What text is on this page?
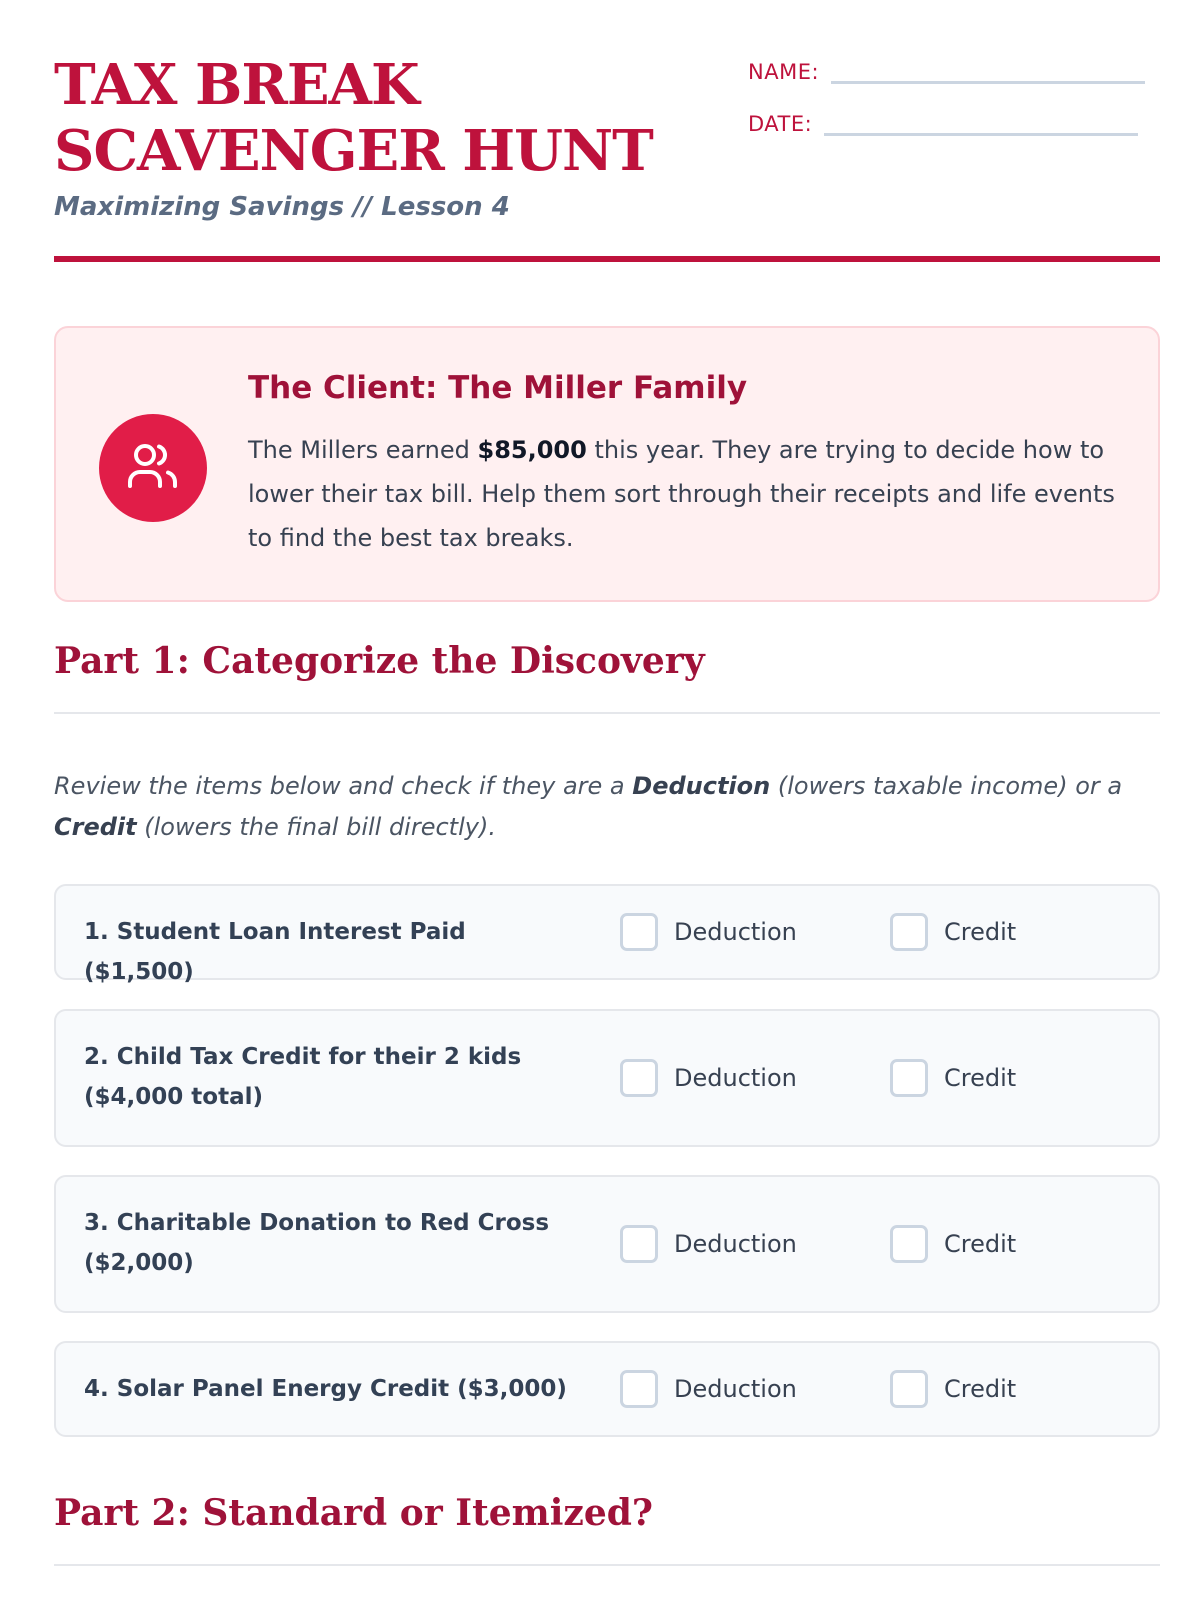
TAX BREAK
SCAVENGER HUNT
Maximizing Savings // Lesson 4
NAME:
DATE:
The Client: The Miller Family
The Millers earned $85,000 this year. They are trying to decide how to lower their tax bill. Help them sort through their receipts and life events to find the best tax breaks.
Part 1: Categorize the Discovery
Review the items below and check if they are a Deduction (lowers taxable income) or a Credit (lowers the final bill directly).
1. Student Loan Interest Paid ($1,500)
Deduction	Credit
2. Child Tax Credit for their 2 kids ($4,000 total)
Deduction	Credit
3. Charitable Donation to Red Cross ($2,000)
Deduction	Credit
4. Solar Panel Energy Credit ($3,000)	Deduction	Credit
Part 2: Standard or Itemized?
